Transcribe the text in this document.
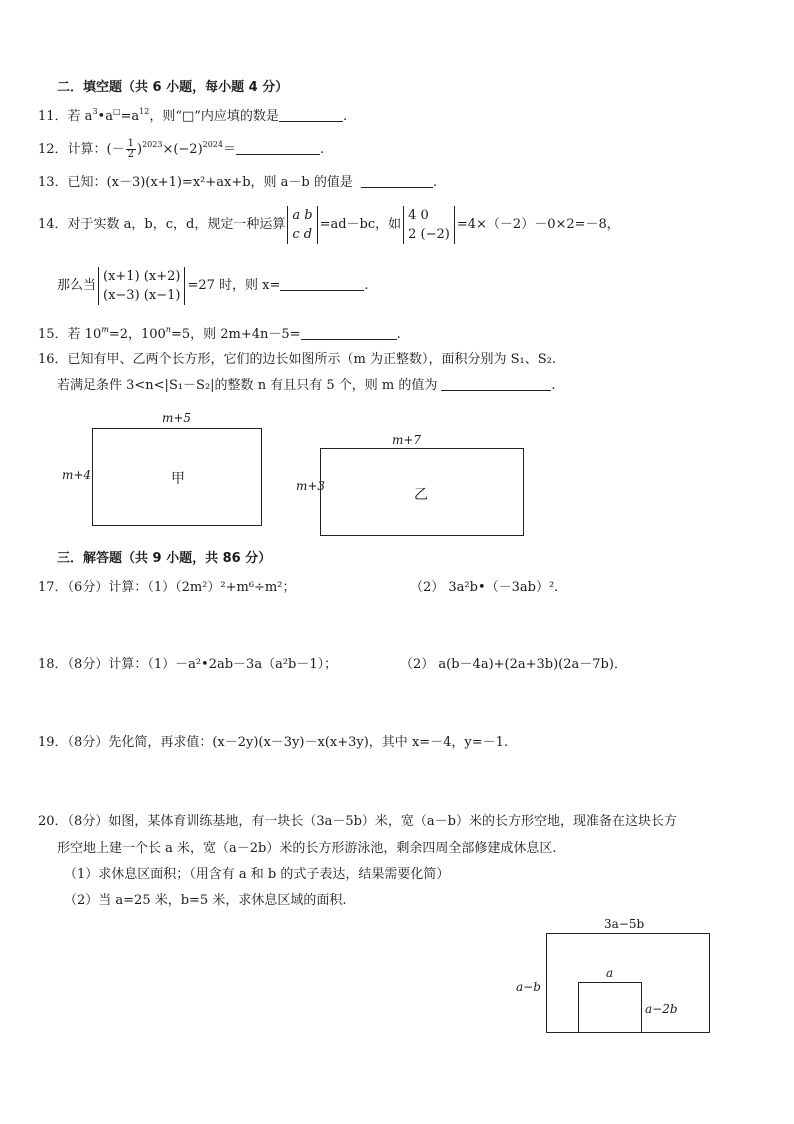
二．填空题（共 6 小题，每小题 4 分）
11．若 $a^3•a^□=a^{12}$，则“□”内应填的数是	.
12．计算：(－ $\frac{1}{2} )^{2023}\times(-2)^{2024}=$	.
13．已知：(x－3)(x+1)=x²+ax+b，则 a－b 的值是	.
14．对于实数 a，b，c，d，规定一种运算
a b
c d
=ad－bc，如
4 0
2 (−2)
=4×（－2）－0×2=－8，
那么当
(x+1) (x+2)
(x−3) (x−1)
=27 时，则 x=	.
15．若 $10^m=2$，$100^n=5$，则 2m+4n－5=	.
16．已知有甲、乙两个长方形，它们的边长如图所示（m 为正整数），面积分别为 S₁、S₂.
若满足条件 3<n<|S₁－S₂|的整数 n 有且只有 5 个，则 m 的值为	.
m+5
m+4	甲
m+7
m+3
乙
三．解答题（共 9 小题，共 86 分）
17．（6分）计算：（1）（2m²）²+m⁶÷m²；	（2） 3a²b•（－3ab）².
18．（8分）计算：（1）－a²•2ab－3a（a²b－1）；	（2） a(b－4a)+(2a+3b)(2a－7b)．
19．（8分）先化简，再求值：(x－2y)(x－3y)－x(x+3y)，其中 x=－4，y=－1.
20．（8分）如图，某体育训练基地，有一块长（3a－5b）米，宽（a－b）米的长方形空地，现准备在这块长方
形空地上建一个长 a 米，宽（a－2b）米的长方形游泳池，剩余四周全部修建成休息区.
（1）求休息区面积；（用含有 a 和 b 的式子表达，结果需要化简）
（2）当 a=25 米，b=5 米，求休息区域的面积.
3a−5b
a−b
a
a−2b
